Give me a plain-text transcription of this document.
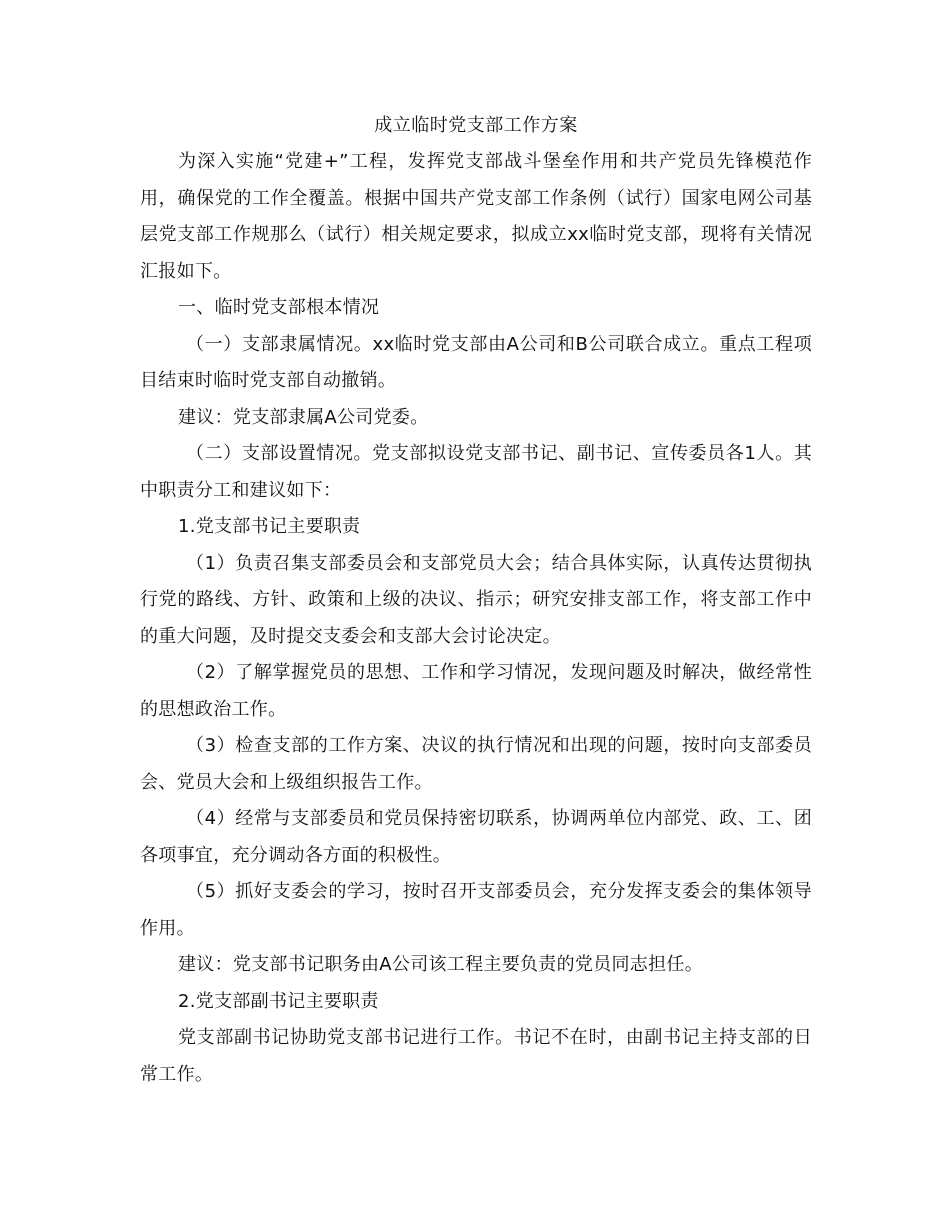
成立临时党支部工作方案

为深入实施“党建+”工程，发挥党支部战斗堡垒作用和共产党员先锋模范作用，确保党的工作全覆盖。根据中国共产党支部工作条例（试行）国家电网公司基层党支部工作规那么（试行）相关规定要求，拟成立xx临时党支部，现将有关情况汇报如下。

一、临时党支部根本情况

（一）支部隶属情况。xx临时党支部由A公司和B公司联合成立。重点工程项目结束时临时党支部自动撤销。

建议：党支部隶属A公司党委。

（二）支部设置情况。党支部拟设党支部书记、副书记、宣传委员各1人。其中职责分工和建议如下：

1.党支部书记主要职责

（1）负责召集支部委员会和支部党员大会；结合具体实际，认真传达贯彻执行党的路线、方针、政策和上级的决议、指示；研究安排支部工作，将支部工作中的重大问题，及时提交支委会和支部大会讨论决定。

（2）了解掌握党员的思想、工作和学习情况，发现问题及时解决，做经常性的思想政治工作。

（3）检查支部的工作方案、决议的执行情况和出现的问题，按时向支部委员会、党员大会和上级组织报告工作。

（4）经常与支部委员和党员保持密切联系，协调两单位内部党、政、工、团各项事宜，充分调动各方面的积极性。

（5）抓好支委会的学习，按时召开支部委员会，充分发挥支委会的集体领导作用。

建议：党支部书记职务由A公司该工程主要负责的党员同志担任。

2.党支部副书记主要职责

党支部副书记协助党支部书记进行工作。书记不在时，由副书记主持支部的日常工作。
